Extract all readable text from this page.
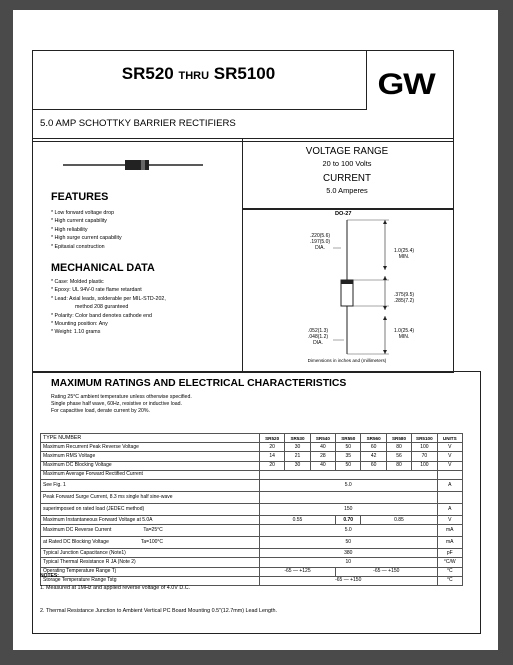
SR520 THRU SR5100	GW
5.0 AMP SCHOTTKY BARRIER RECTIFIERS
VOLTAGE RANGE
20 to 100 Volts
CURRENT
5.0 Amperes
FEATURES
* Low forward voltage drop
* High current capability
* High reliability
* High surge current capability
* Epitaxial construction
MECHANICAL DATA
* Case: Molded plastic
* Epoxy: UL 94V-0 rate flame retardant
* Lead: Axial leads, solderable per MIL-STD-202,
method 208 guranteed
* Polarity: Color band denotes cathode end
* Mounting position: Any
* Weight: 1.10 grams
DO-27
.220(5.6)
.197(5.0)
DIA.	1.0(25.4)
MIN.
.375(9.5)
.285(7.2)
1.0(25.4)
MIN.
.052(1.3)
.048(1.2)
DIA.
Dimensions in inches and (millimeters)
MAXIMUM RATINGS AND ELECTRICAL CHARACTERISTICS
Rating 25°C ambient temperature unless otherwise specified.
Single phase half wave, 60Hz, resistive or inductive load.
For capacitive load, derate current by 20%.
TYPE NUMBER	SR520	SR530	SR540	SR550	SR560	SR580	SR5100	UNITS
Maximum Recurrent Peak Reverse Voltage	20	30	40	50	60	80	100	V
Maximum RMS Voltage	14	21	28	35	42	56	70	V
Maximum DC Blocking Voltage	20	30	40	50	60	80	100	V
Maximum Average Forward Rectified Current								
See Fig. 1	5.0							A
Peak Forward Surge Current, 8.3 ms single half sine-wave								
superimposed on rated load (JEDEC method)	150							A
Maximum Instantaneous Forward Voltage at 5.0A	0.55			0.70	0.85			V
Maximum DC Reverse Current Ta=25°C	5.0							mA
at Rated DC Blocking Voltage Ta=100°C	50							mA
Typical Junction Capacitance (Note1)	380							pF
Typical Thermal Resistance R JA (Note 2)	10							°C/W
Operating Temperature Range Tj	-65 — +125			-65 — +150				°C
Storage Temperature Range Tstg	-65 — +150							°C
NOTES:
1. Measured at 1MHz and applied reverse voltage of 4.0V D.C.
2. Thermal Resistance Junction to Ambient Vertical PC Board Mounting 0.5"(12.7mm) Lead Length.
